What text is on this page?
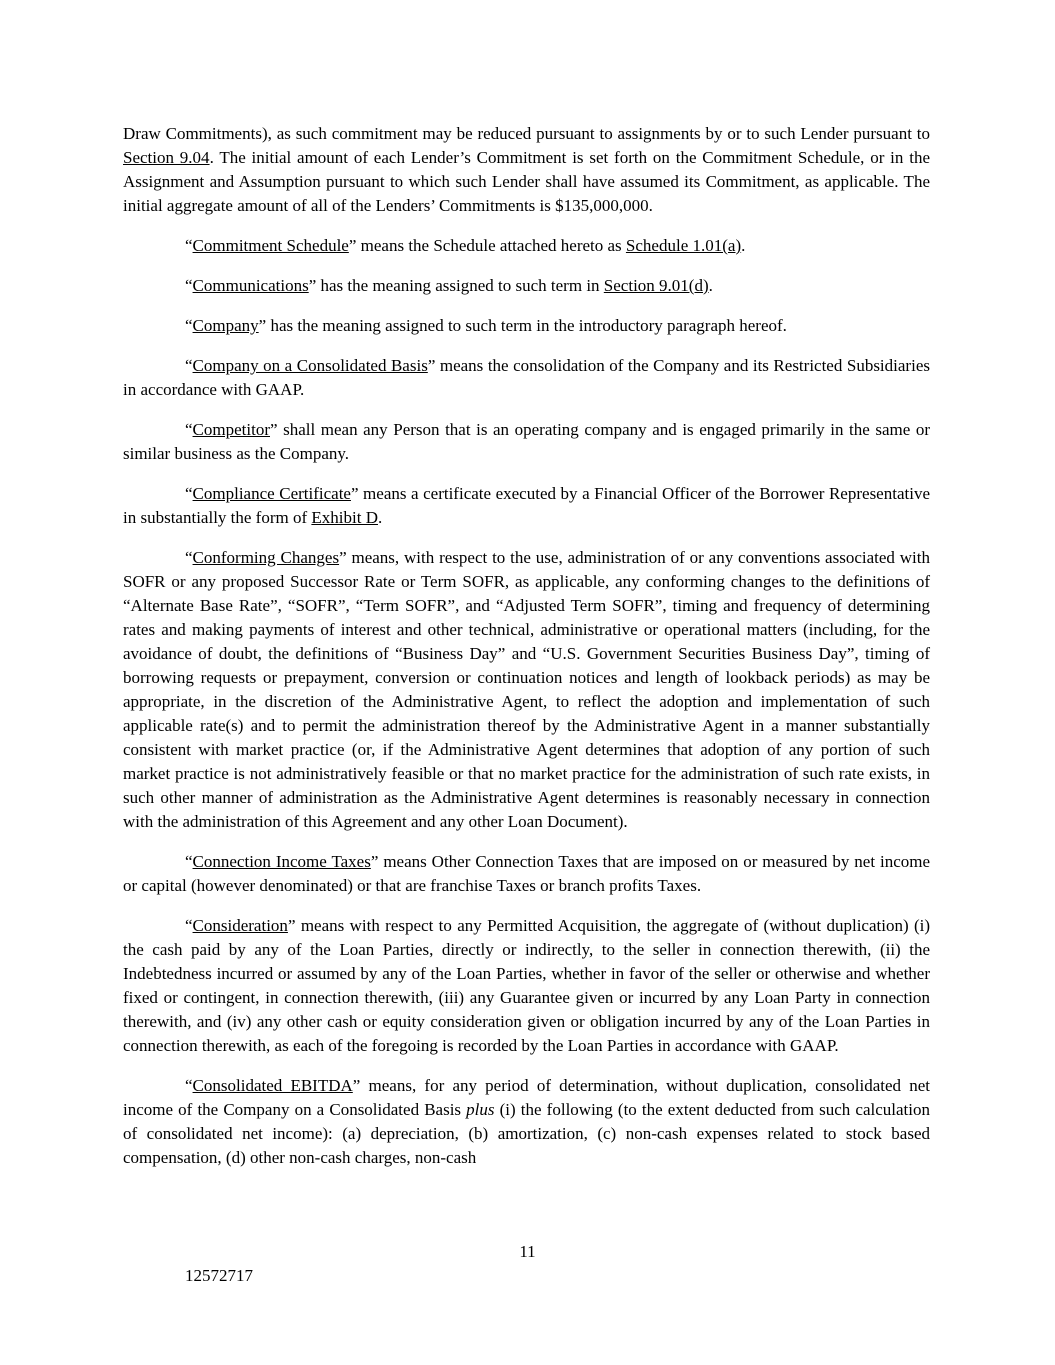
Draw Commitments), as such commitment may be reduced pursuant to assignments by or to such Lender pursuant to Section 9.04. The initial amount of each Lender’s Commitment is set forth on the Commitment Schedule, or in the Assignment and Assumption pursuant to which such Lender shall have assumed its Commitment, as applicable. The initial aggregate amount of all of the Lenders’ Commitments is $135,000,000.

“Commitment Schedule” means the Schedule attached hereto as Schedule 1.01(a).

“Communications” has the meaning assigned to such term in Section 9.01(d).

“Company” has the meaning assigned to such term in the introductory paragraph hereof.

“Company on a Consolidated Basis” means the consolidation of the Company and its Restricted Subsidiaries in accordance with GAAP.

“Competitor” shall mean any Person that is an operating company and is engaged primarily in the same or similar business as the Company.

“Compliance Certificate” means a certificate executed by a Financial Officer of the Borrower Representative in substantially the form of Exhibit D.

“Conforming Changes” means, with respect to the use, administration of or any conventions associated with SOFR or any proposed Successor Rate or Term SOFR, as applicable, any conforming changes to the definitions of “Alternate Base Rate”, “SOFR”, “Term SOFR”, and “Adjusted Term SOFR”, timing and frequency of determining rates and making payments of interest and other technical, administrative or operational matters (including, for the avoidance of doubt, the definitions of “Business Day” and “U.S. Government Securities Business Day”, timing of borrowing requests or prepayment, conversion or continuation notices and length of lookback periods) as may be appropriate, in the discretion of the Administrative Agent, to reflect the adoption and implementation of such applicable rate(s) and to permit the administration thereof by the Administrative Agent in a manner substantially consistent with market practice (or, if the Administrative Agent determines that adoption of any portion of such market practice is not administratively feasible or that no market practice for the administration of such rate exists, in such other manner of administration as the Administrative Agent determines is reasonably necessary in connection with the administration of this Agreement and any other Loan Document).

“Connection Income Taxes” means Other Connection Taxes that are imposed on or measured by net income or capital (however denominated) or that are franchise Taxes or branch profits Taxes.

“Consideration” means with respect to any Permitted Acquisition, the aggregate of (without duplication) (i) the cash paid by any of the Loan Parties, directly or indirectly, to the seller in connection therewith, (ii) the Indebtedness incurred or assumed by any of the Loan Parties, whether in favor of the seller or otherwise and whether fixed or contingent, in connection therewith, (iii) any Guarantee given or incurred by any Loan Party in connection therewith, and (iv) any other cash or equity consideration given or obligation incurred by any of the Loan Parties in connection therewith, as each of the foregoing is recorded by the Loan Parties in accordance with GAAP.

“Consolidated EBITDA” means, for any period of determination, without duplication, consolidated net income of the Company on a Consolidated Basis plus (i) the following (to the extent deducted from such calculation of consolidated net income): (a) depreciation, (b) amortization, (c) non-cash expenses related to stock based compensation, (d) other non-cash charges, non-cash

11
12572717
